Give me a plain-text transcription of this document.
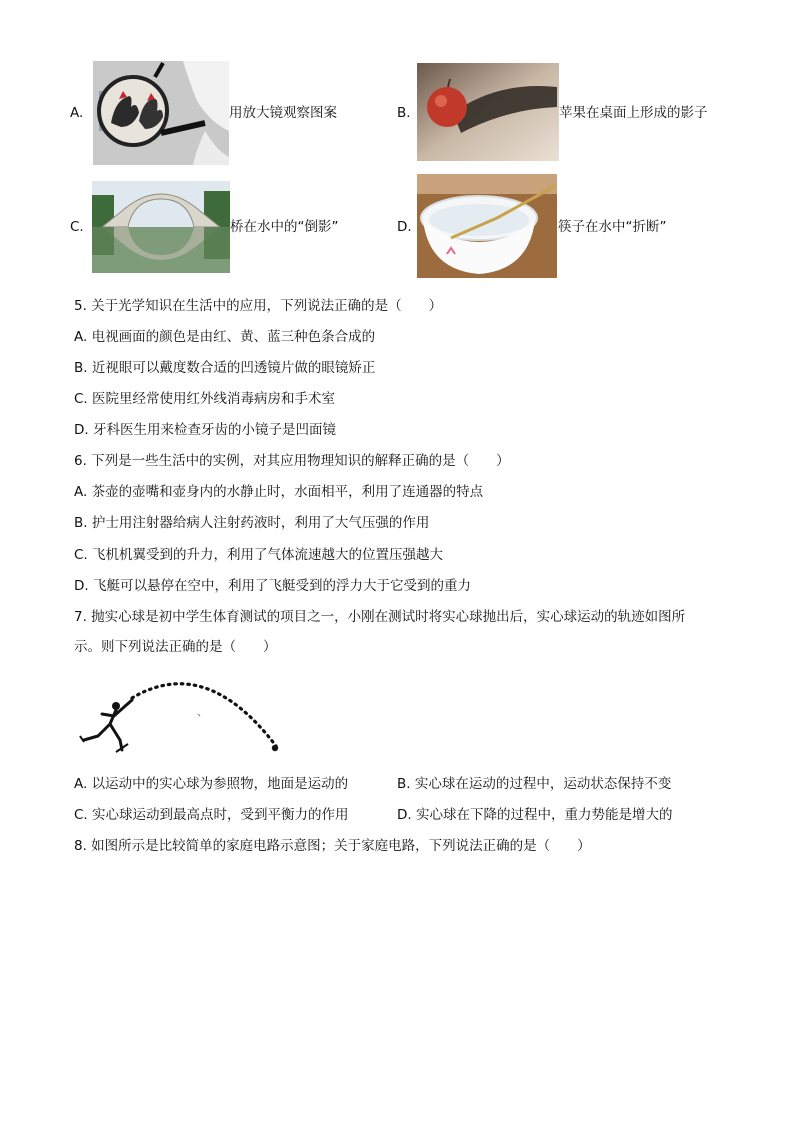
A.	用放大镜观察图案	B.	苹果在桌面上形成的影子
C.	桥在水中的“倒影”	D.	筷子在水中“折断”
5. 关于光学知识在生活中的应用，下列说法正确的是（　　）
A. 电视画面的颜色是由红、黄、蓝三种色条合成的
B. 近视眼可以戴度数合适的凹透镜片做的眼镜矫正
C. 医院里经常使用红外线消毒病房和手术室
D. 牙科医生用来检查牙齿的小镜子是凹面镜
6. 下列是一些生活中的实例，对其应用物理知识的解释正确的是（　　）
A. 茶壶的壶嘴和壶身内的水静止时，水面相平，利用了连通器的特点
B. 护士用注射器给病人注射药液时，利用了大气压强的作用
C. 飞机机翼受到的升力，利用了气体流速越大的位置压强越大
D. 飞艇可以悬停在空中，利用了飞艇受到的浮力大于它受到的重力
7. 抛实心球是初中学生体育测试的项目之一，小刚在测试时将实心球抛出后，实心球运动的轨迹如图所
示。则下列说法正确的是（　　）
A. 以运动中的实心球为参照物，地面是运动的	B. 实心球在运动的过程中，运动状态保持不变
C. 实心球运动到最高点时，受到平衡力的作用	D. 实心球在下降的过程中，重力势能是增大的
8. 如图所示是比较简单的家庭电路示意图；关于家庭电路，下列说法正确的是（　　）
